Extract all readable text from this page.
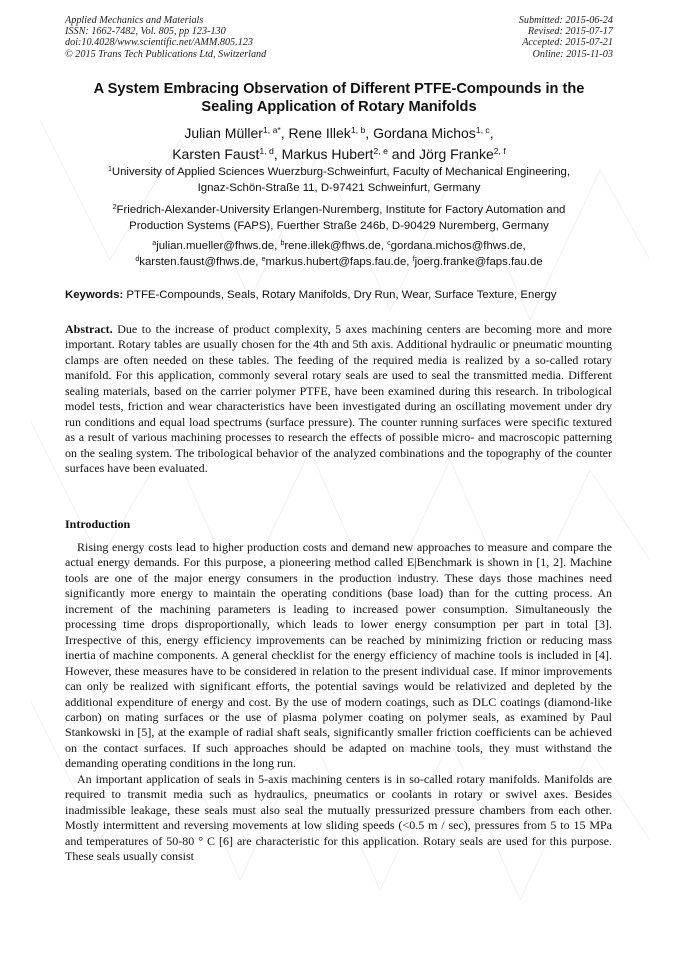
Applied Mechanics and Materials
ISSN: 1662-7482, Vol. 805, pp 123-130
doi:10.4028/www.scientific.net/AMM.805.123
© 2015 Trans Tech Publications Ltd, Switzerland
Submitted: 2015-06-24
Revised: 2015-07-17
Accepted: 2015-07-21
Online: 2015-11-03
A System Embracing Observation of Different PTFE-Compounds in the
Sealing Application of Rotary Manifolds
Julian Müller$^{1, a*}$, Rene Illek$^{1, b}$, Gordana Michos$^{1, c}$,
Karsten Faust$^{1, d}$, Markus Hubert$^{2, e}$ and Jörg Franke$^{2, f}$
$^1$University of Applied Sciences Wuerzburg-Schweinfurt, Faculty of Mechanical Engineering,
Ignaz-Schön-Straße 11, D-97421 Schweinfurt, Germany
$^2$Friedrich-Alexander-University Erlangen-Nuremberg, Institute for Factory Automation and
Production Systems (FAPS), Fuerther Straße 246b, D-90429 Nuremberg, Germany
$^a$julian.mueller@fhws.de, $^b$rene.illek@fhws.de, $^c$gordana.michos@fhws.de,
$^d$karsten.faust@fhws.de, $^e$markus.hubert@faps.fau.de, $^f$joerg.franke@faps.fau.de
Keywords: PTFE-Compounds, Seals, Rotary Manifolds, Dry Run, Wear, Surface Texture, Energy
Abstract. Due to the increase of product complexity, 5 axes machining centers are becoming more and more important. Rotary tables are usually chosen for the 4th and 5th axis. Additional hydraulic or pneumatic mounting clamps are often needed on these tables. The feeding of the required media is realized by a so-called rotary manifold. For this application, commonly several rotary seals are used to seal the transmitted media. Different sealing materials, based on the carrier polymer PTFE, have been examined during this research. In tribological model tests, friction and wear characteristics have been investigated during an oscillating movement under dry run conditions and equal load spectrums (surface pressure). The counter running surfaces were specific textured as a result of various machining processes to research the effects of possible micro- and macroscopic patterning on the sealing system. The tribological behavior of the analyzed combinations and the topography of the counter surfaces have been evaluated.
Introduction

Rising energy costs lead to higher production costs and demand new approaches to measure and compare the actual energy demands. For this purpose, a pioneering method called E|Benchmark is shown in [1, 2]. Machine tools are one of the major energy consumers in the production industry. These days those machines need significantly more energy to maintain the operating conditions (base load) than for the cutting process. An increment of the machining parameters is leading to increased power consumption. Simultaneously the processing time drops disproportionally, which leads to lower energy consumption per part in total [3]. Irrespective of this, energy efficiency improvements can be reached by minimizing friction or reducing mass inertia of machine components. A general checklist for the energy efficiency of machine tools is included in [4]. However, these measures have to be considered in relation to the present individual case. If minor improvements can only be realized with significant efforts, the potential savings would be relativized and depleted by the additional expenditure of energy and cost. By the use of modern coatings, such as DLC coatings (diamond-like carbon) on mating surfaces or the use of plasma polymer coating on polymer seals, as examined by Paul Stankowski in [5], at the example of radial shaft seals, significantly smaller friction coefficients can be achieved on the contact surfaces. If such approaches should be adapted on machine tools, they must withstand the demanding operating conditions in the long run.

An important application of seals in 5-axis machining centers is in so-called rotary manifolds. Manifolds are required to transmit media such as hydraulics, pneumatics or coolants in rotary or swivel axes. Besides inadmissible leakage, these seals must also seal the mutually pressurized pressure chambers from each other. Mostly intermittent and reversing movements at low sliding speeds (<0.5 m / sec), pressures from 5 to 15 MPa and temperatures of 50-80 ° C [6] are characteristic for this application. Rotary seals are used for this purpose. These seals usually consist
